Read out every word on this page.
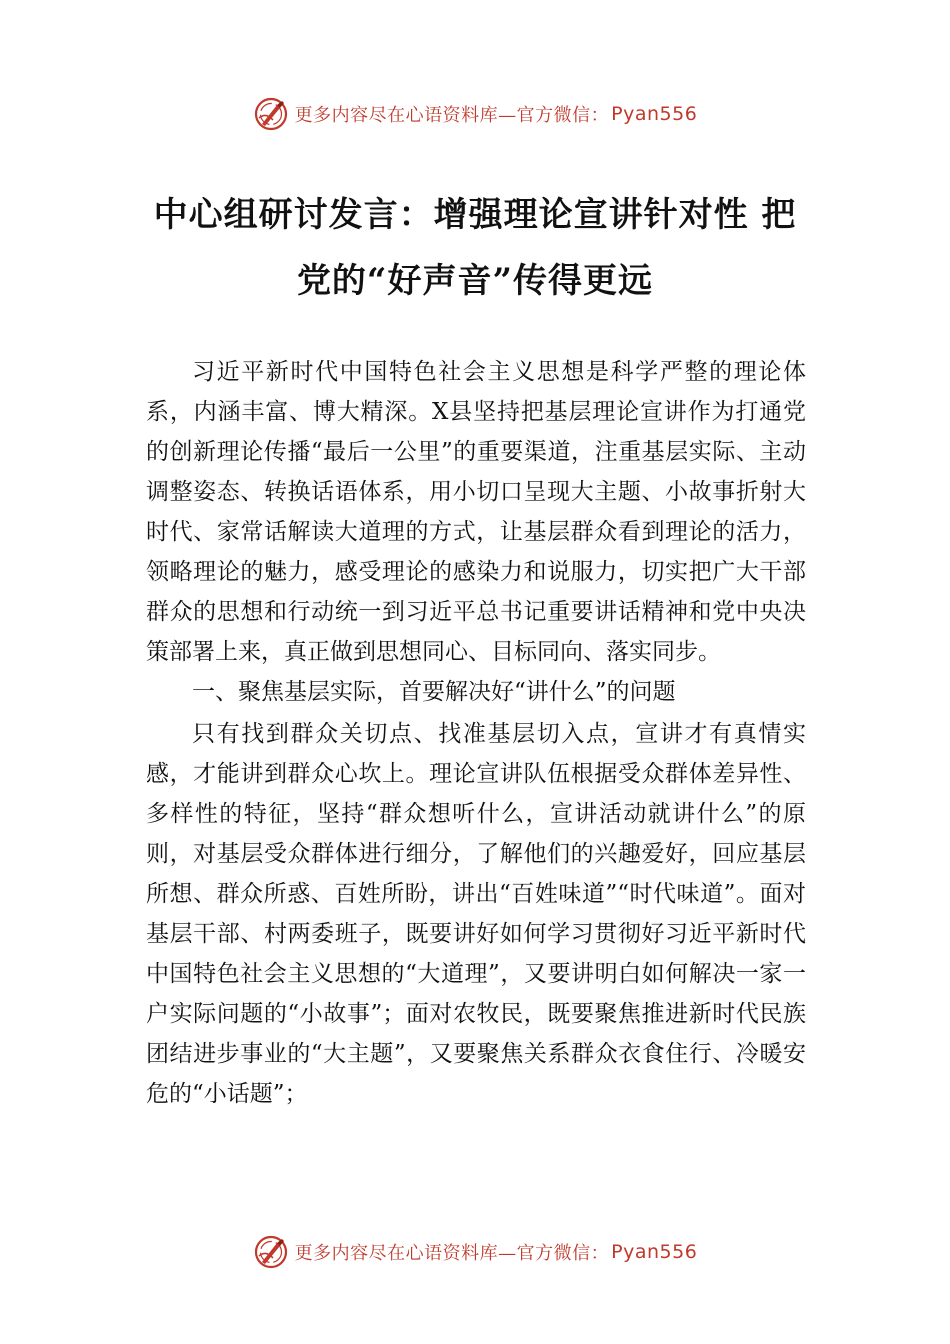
更多内容尽在心语资料库—官方微信： Pyan556
中心组研讨发言：增强理论宣讲针对性 把
党的“好声音”传得更远

习近平新时代中国特色社会主义思想是科学严整的理论体系，内涵丰富、博大精深。X县坚持把基层理论宣讲作为打通党的创新理论传播“最后一公里”的重要渠道，注重基层实际、主动调整姿态、转换话语体系，用小切口呈现大主题、小故事折射大时代、家常话解读大道理的方式，让基层群众看到理论的活力，领略理论的魅力，感受理论的感染力和说服力，切实把广大干部群众的思想和行动统一到习近平总书记重要讲话精神和党中央决策部署上来，真正做到思想同心、目标同向、落实同步。

一、聚焦基层实际，首要解决好“讲什么”的问题

只有找到群众关切点、找准基层切入点，宣讲才有真情实感，才能讲到群众心坎上。理论宣讲队伍根据受众群体差异性、多样性的特征，坚持“群众想听什么，宣讲活动就讲什么”的原则，对基层受众群体进行细分，了解他们的兴趣爱好，回应基层所想、群众所惑、百姓所盼，讲出“百姓味道”“时代味道”。面对基层干部、村两委班子，既要讲好如何学习贯彻好习近平新时代中国特色社会主义思想的“大道理”，又要讲明白如何解决一家一户实际问题的“小故事”；面对农牧民，既要聚焦推进新时代民族团结进步事业的“大主题”，又要聚焦关系群众衣食住行、冷暖安危的“小话题”；

更多内容尽在心语资料库—官方微信： Pyan556
